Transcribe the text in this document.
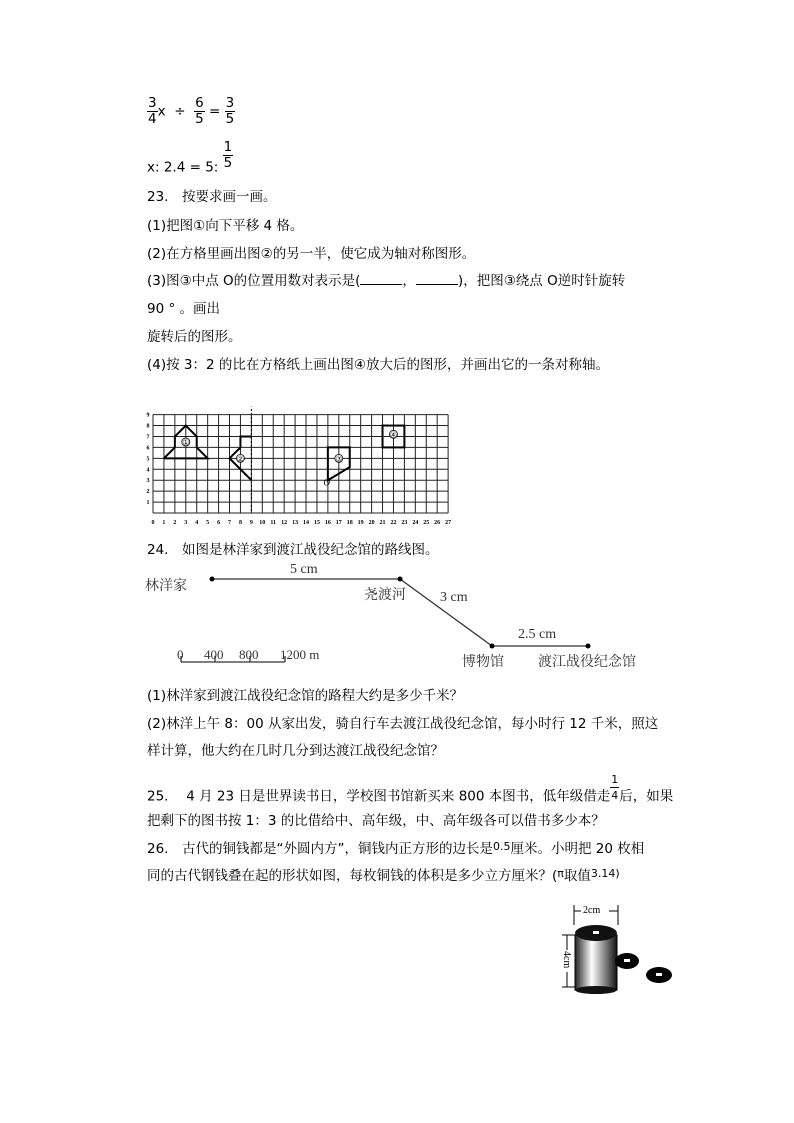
$\frac{3}{4}$ $x \div \frac{6}{5} = \frac{3}{5}$
x: 2.4 = 5: $\frac{1}{5}$
23.　按要求画一画。
(1)把图①向下平移 4 格。
(2)在方格里画出图②的另一半，使它成为轴对称图形。
(3)图③中点 O的位置用数对表示是(	，	)，把图③绕点 O逆时针旋转
90 ° 。画出
旋转后的图形。
(4)按 3：2 的比在方格纸上画出图④放大后的图形，并画出它的一条对称轴。
0 1 2 3 4 5 6 7 8 9 10 11 12 13 14 15 16 17 18 19 20 21 22 23 24 25 26 27
1
2
3
4
5
6
7
8
9
①
②	③
④
O
24.　如图是林洋家到渡江战役纪念馆的路线图。
林洋家
尧渡河
博物馆 渡江战役纪念馆
5 cm
3 cm
2.5 cm
0 400 800 1200 m
(1)林洋家到渡江战役纪念馆的路程大约是多少千米？
(2)林洋上午 8：00 从家出发，骑自行车去渡江战役纪念馆，每小时行 12 千米，照这
样计算，他大约在几时几分到达渡江战役纪念馆？
25.　 4 月 23 日是世界读书日，学校图书馆新买来 800 本图书，低年级借走 $\frac{1}{4}$ 后，如果
把剩下的图书按 1：3 的比借给中、高年级，中、高年级各可以借书多少本？
26.　古代的铜钱都是“外圆内方”，铜钱内正方形的边长是$^{0.5}$厘米。小明把 20 枚相
同的古代钢钱叠在起的形状如图，每枚铜钱的体积是多少立方厘米？($^\pi$取值$^{3.14)}$
2cm
4cm
